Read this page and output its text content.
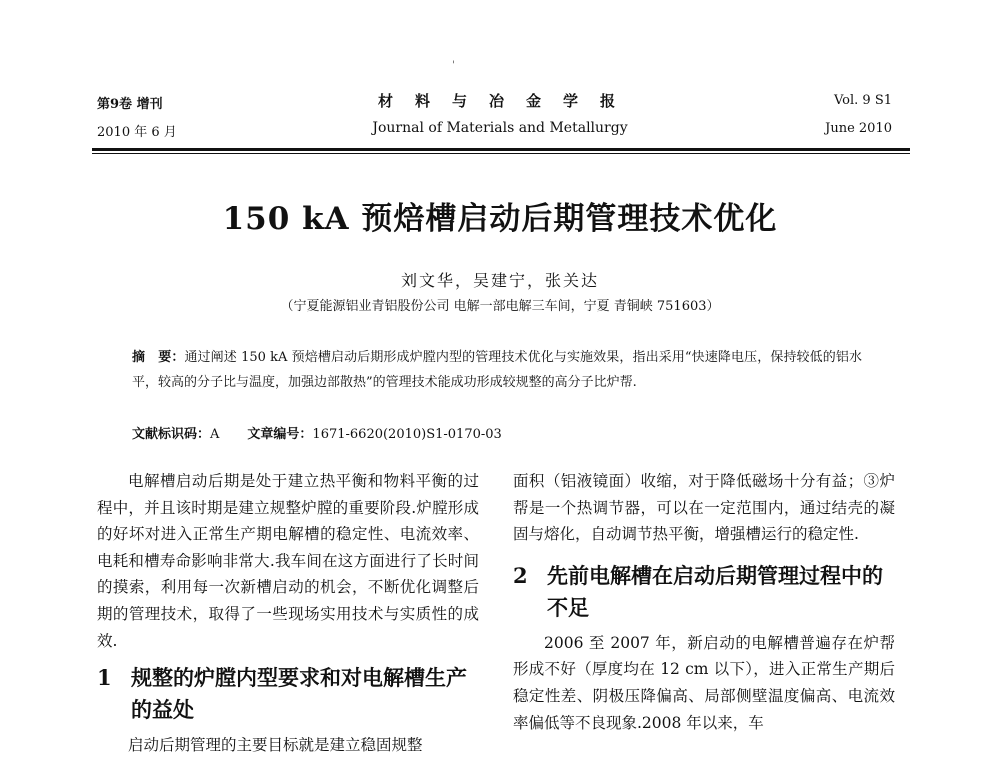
'
第9卷 增刊
2010 年 6 月
材料与冶金学报
Journal of Materials and Metallurgy
Vol. 9 S1
June 2010
150 kA 预焙槽启动后期管理技术优化
刘文华，吴建宁，张关达
（宁夏能源铝业青铝股份公司 电解一部电解三车间，宁夏 青铜峡 751603）
摘　要：通过阐述 150 kA 预焙槽启动后期形成炉膛内型的管理技术优化与实施效果，指出采用“快速降电压，保持较低的铝水平，较高的分子比与温度，加强边部散热”的管理技术能成功形成较规整的高分子比炉帮.
文献标识码：A 文章编号：1671-6620(2010)S1-0170-03

电解槽启动后期是处于建立热平衡和物料平衡的过程中，并且该时期是建立规整炉膛的重要阶段.炉膛形成的好坏对进入正常生产期电解槽的稳定性、电流效率、电耗和槽寿命影响非常大.我车间在这方面进行了长时间的摸索，利用每一次新槽启动的机会，不断优化调整后期的管理技术，取得了一些现场实用技术与实质性的成效.

1 规整的炉膛内型要求和对电解槽生产的益处

启动后期管理的主要目标就是建立稳固规整

面积（铝液镜面）收缩，对于降低磁场十分有益；③炉帮是一个热调节器，可以在一定范围内，通过结壳的凝固与熔化，自动调节热平衡，增强槽运行的稳定性.

2 先前电解槽在启动后期管理过程中的不足

2006 至 2007 年，新启动的电解槽普遍存在炉帮形成不好（厚度均在 12 cm 以下），进入正常生产期后稳定性差、阴极压降偏高、局部侧壁温度偏高、电流效率偏低等不良现象.2008 年以来，车
